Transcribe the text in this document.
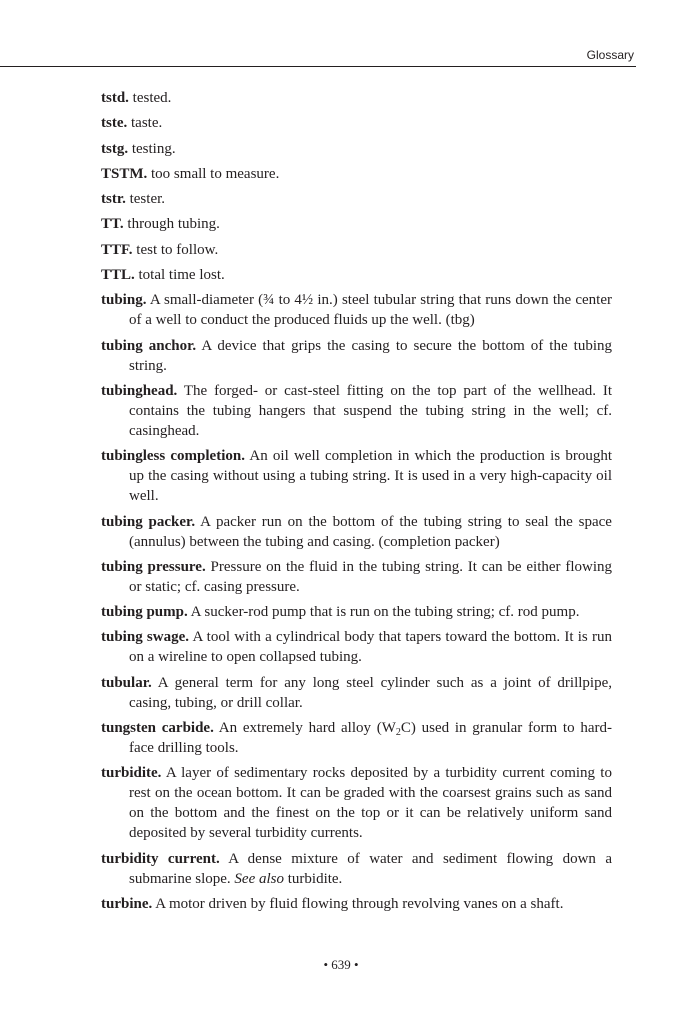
Glossary

tstd. tested.

tste. taste.

tstg. testing.

TSTM. too small to measure.

tstr. tester.

TT. through tubing.

TTF. test to follow.

TTL. total time lost.

tubing. A small-diameter (¾ to 4½ in.) steel tubular string that runs down the center of a well to conduct the produced fluids up the well. (tbg)

tubing anchor. A device that grips the casing to secure the bottom of the tubing string.

tubinghead. The forged- or cast-steel fitting on the top part of the wellhead. It contains the tubing hangers that suspend the tubing string in the well; cf. casinghead.

tubingless completion. An oil well completion in which the production is brought up the casing without using a tubing string. It is used in a very high-capacity oil well.

tubing packer. A packer run on the bottom of the tubing string to seal the space (annulus) between the tubing and casing. (completion packer)

tubing pressure. Pressure on the fluid in the tubing string. It can be either flowing or static; cf. casing pressure.

tubing pump. A sucker-rod pump that is run on the tubing string; cf. rod pump.

tubing swage. A tool with a cylindrical body that tapers toward the bottom. It is run on a wireline to open collapsed tubing.

tubular. A general term for any long steel cylinder such as a joint of drillpipe, casing, tubing, or drill collar.

tungsten carbide. An extremely hard alloy $(W_2C)$ used in granular form to hard-face drilling tools.

turbidite. A layer of sedimentary rocks deposited by a turbidity current coming to rest on the ocean bottom. It can be graded with the coarsest grains such as sand on the bottom and the finest on the top or it can be relatively uniform sand deposited by several turbidity currents.

turbidity current. A dense mixture of water and sediment flowing down a submarine slope. See also turbidite.

turbine. A motor driven by fluid flowing through revolving vanes on a shaft.

• 639 •
